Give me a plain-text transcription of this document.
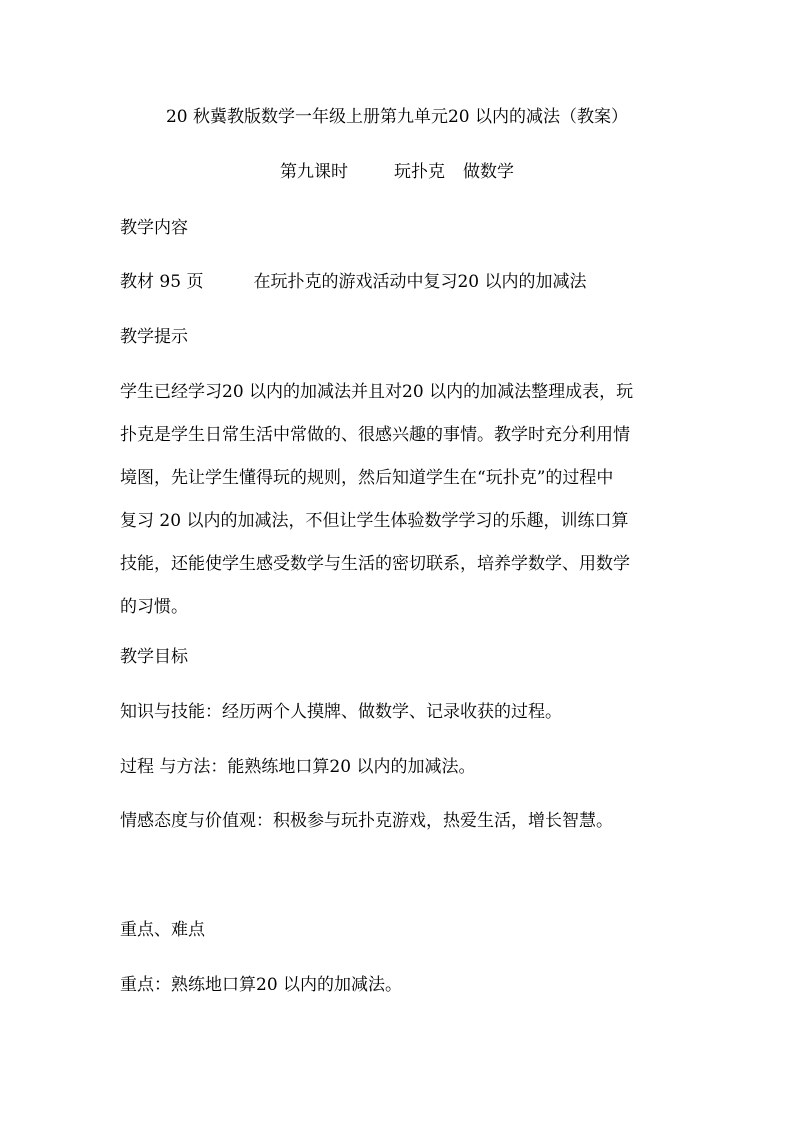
20 秋冀教版数学一年级上册第九单元20 以内的减法（教案）
第九课时	玩扑克 做数学
教学内容
教材 95 页	在玩扑克的游戏活动中复习20 以内的加减法
教学提示
学生已经学习20 以内的加减法并且对20 以内的加减法整理成表，玩
扑克是学生日常生活中常做的、很感兴趣的事情。教学时充分利用情
境图，先让学生懂得玩的规则，然后知道学生在“玩扑克”的过程中
复习 20 以内的加减法，不但让学生体验数学学习的乐趣，训练口算
技能，还能使学生感受数学与生活的密切联系，培养学数学、用数学
的习惯。
教学目标
知识与技能：经历两个人摸牌、做数学、记录收获的过程。
过程 与方法：能熟练地口算20 以内的加减法。
情感态度与价值观：积极参与玩扑克游戏，热爱生活，增长智慧。
重点、难点
重点：熟练地口算20 以内的加减法。
